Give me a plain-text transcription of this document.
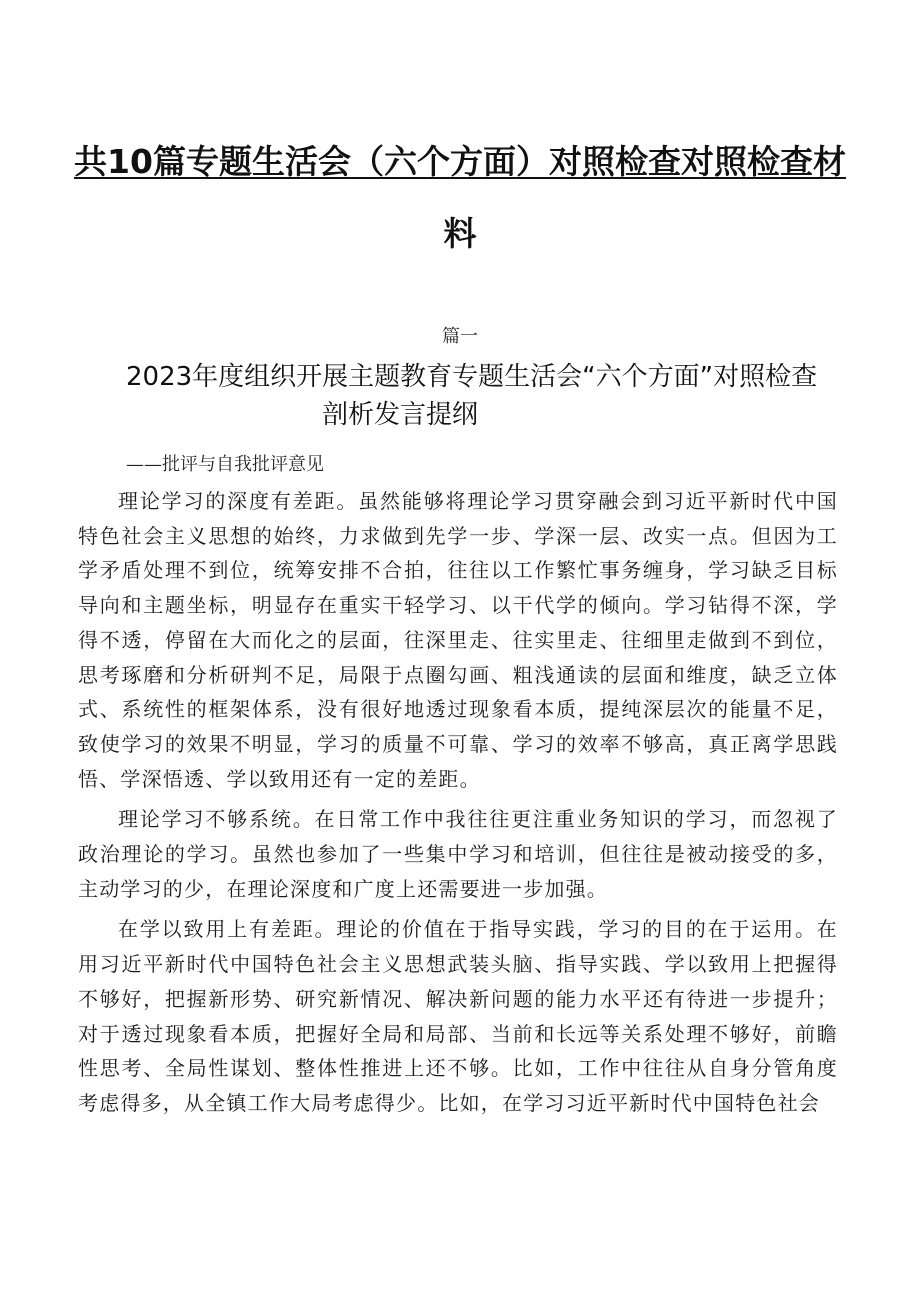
共10篇专题生活会（六个方面）对照检查对照检查材
料
篇一
2023年度组织开展主题教育专题生活会“六个方面”对照检查
剖析发言提纲
——批评与自我批评意见

理论学习的深度有差距。虽然能够将理论学习贯穿融会到习近平新时代中国特色社会主义思想的始终，力求做到先学一步、学深一层、改实一点。但因为工学矛盾处理不到位，统筹安排不合拍，往往以工作繁忙事务缠身，学习缺乏目标导向和主题坐标，明显存在重实干轻学习、以干代学的倾向。学习钻得不深，学得不透，停留在大而化之的层面，往深里走、往实里走、往细里走做到不到位，思考琢磨和分析研判不足，局限于点圈勾画、粗浅通读的层面和维度，缺乏立体式、系统性的框架体系，没有很好地透过现象看本质，提纯深层次的能量不足，致使学习的效果不明显，学习的质量不可靠、学习的效率不够高，真正离学思践悟、学深悟透、学以致用还有一定的差距。

理论学习不够系统。在日常工作中我往往更注重业务知识的学习，而忽视了政治理论的学习。虽然也参加了一些集中学习和培训，但往往是被动接受的多，主动学习的少，在理论深度和广度上还需要进一步加强。

在学以致用上有差距。理论的价值在于指导实践，学习的目的在于运用。在用习近平新时代中国特色社会主义思想武装头脑、指导实践、学以致用上把握得不够好，把握新形势、研究新情况、解决新问题的能力水平还有待进一步提升；对于透过现象看本质，把握好全局和局部、当前和长远等关系处理不够好，前瞻性思考、全局性谋划、整体性推进上还不够。比如，工作中往往从自身分管角度考虑得多，从全镇工作大局考虑得少。比如，在学习习近平新时代中国特色社会
